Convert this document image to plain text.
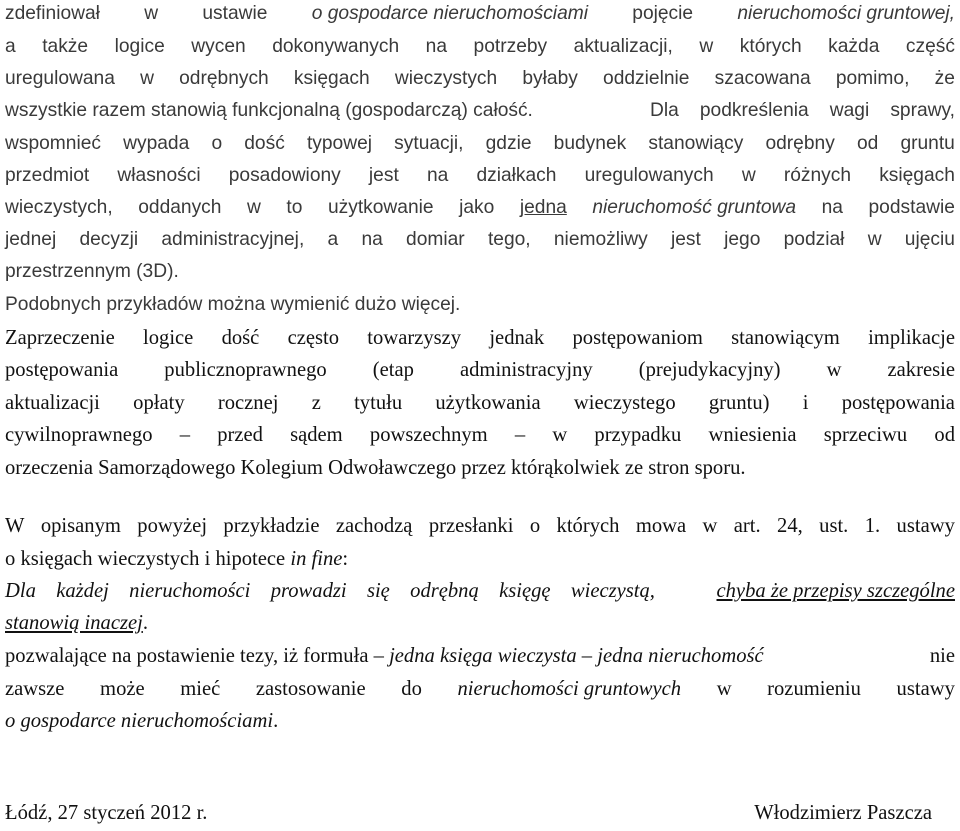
zdefiniował w ustawie o gospodarce nieruchomościami pojęcie nieruchomości gruntowej,
a także logice wycen dokonywanych na potrzeby aktualizacji, w których każda część
uregulowana w odrębnych księgach wieczystych byłaby oddzielnie szacowana pomimo, że
wszystkie razem stanowią funkcjonalną (gospodarczą) całość.	Dla podkreślenia wagi sprawy,
wspomnieć wypada o dość typowej sytuacji, gdzie budynek stanowiący odrębny od gruntu
przedmiot własności posadowiony jest na działkach uregulowanych w różnych księgach
wieczystych, oddanych w to użytkowanie jako jedna nieruchomość gruntowa na podstawie
jednej decyzji administracyjnej, a na domiar tego, niemożliwy jest jego podział w ujęciu
przestrzennym (3D).
Podobnych przykładów można wymienić dużo więcej.
Zaprzeczenie logice dość często towarzyszy jednak postępowaniom stanowiącym implikacje
postępowania publicznoprawnego (etap administracyjny (prejudykacyjny) w zakresie
aktualizacji opłaty rocznej z tytułu użytkowania wieczystego gruntu) i postępowania
cywilnoprawnego – przed sądem powszechnym – w przypadku wniesienia sprzeciwu od
orzeczenia Samorządowego Kolegium Odwoławczego przez którąkolwiek ze stron sporu.
W opisanym powyżej przykładzie zachodzą przesłanki o których mowa w art. 24, ust. 1. ustawy
o księgach wieczystych i hipotece in fine:
Dla każdej nieruchomości prowadzi się odrębną księgę wieczystą,	chyba że przepisy szczególne
stanowią inaczej.
pozwalające na postawienie tezy, iż formuła – jedna księga wieczysta – jedna nieruchomość	nie
zawsze może mieć zastosowanie do nieruchomości gruntowych w rozumieniu ustawy
o gospodarce nieruchomościami.
Łódź, 27 styczeń 2012 r.	Włodzimierz Paszcza
